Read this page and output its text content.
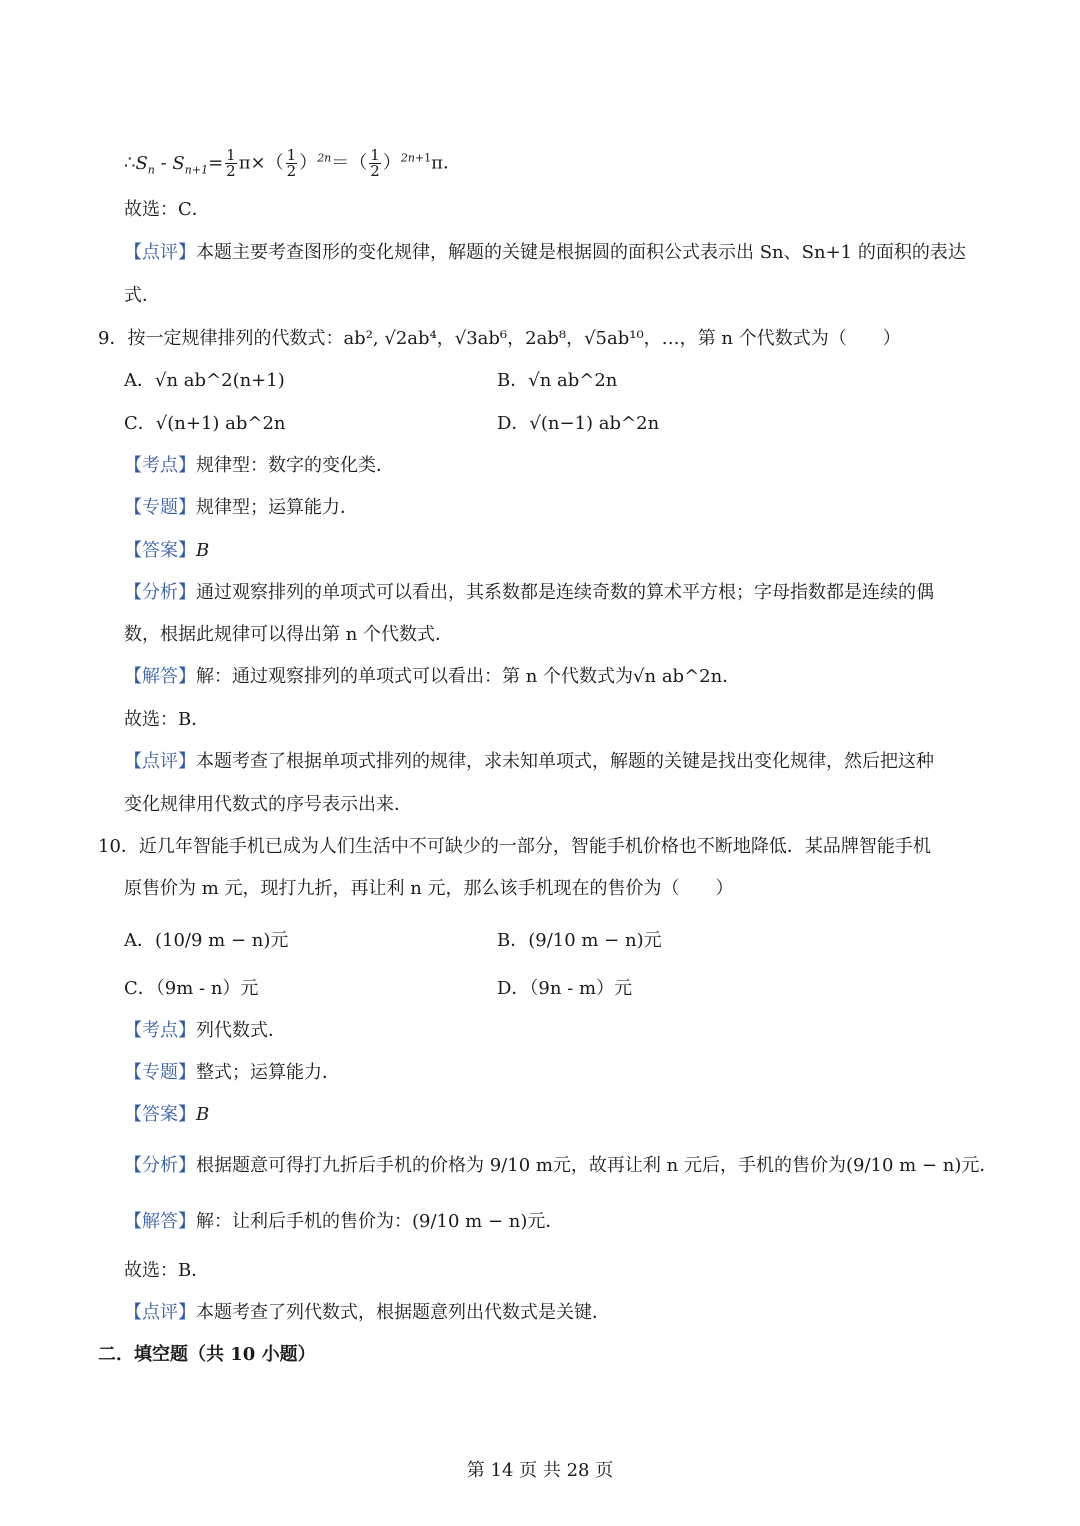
$\therefore S_n - S_{n+1}= \frac{1}{2} \pi\times( \frac{1}{2} )^{2n}=( \frac{1}{2} )^{2n+1}\pi$．
故选：C．
【点评】本题主要考查图形的变化规律，解题的关键是根据圆的面积公式表示出 Sn、Sn+1 的面积的表达
式．
9．按一定规律排列的代数式：ab², √2ab⁴，√3ab⁶，2ab⁸，√5ab¹⁰，…，第 n 个代数式为（　　）
A．√n ab^2(n+1)	B．√n ab^2n
C．√(n+1) ab^2n	D．√(n−1) ab^2n
【考点】规律型：数字的变化类．
【专题】规律型；运算能力．
【答案】B
【分析】通过观察排列的单项式可以看出，其系数都是连续奇数的算术平方根；字母指数都是连续的偶
数，根据此规律可以得出第 n 个代数式．
【解答】解：通过观察排列的单项式可以看出：第 n 个代数式为√n ab^2n．
故选：B．
【点评】本题考查了根据单项式排列的规律，求未知单项式，解题的关键是找出变化规律，然后把这种
变化规律用代数式的序号表示出来．
10．近几年智能手机已成为人们生活中不可缺少的一部分，智能手机价格也不断地降低．某品牌智能手机
原售价为 m 元，现打九折，再让利 n 元，那么该手机现在的售价为（　　）
A．(10/9 m − n)元	B．(9/10 m − n)元
C．（9m - n）元	D．（9n - m）元
【考点】列代数式．
【专题】整式；运算能力．
【答案】B
【分析】根据题意可得打九折后手机的价格为 9/10 m元，故再让利 n 元后，手机的售价为(9/10 m − n)元．
【解答】解：让利后手机的售价为：(9/10 m − n)元．
故选：B．
【点评】本题考查了列代数式，根据题意列出代数式是关键．
二．填空题（共 10 小题）
第 14 页 共 28 页
